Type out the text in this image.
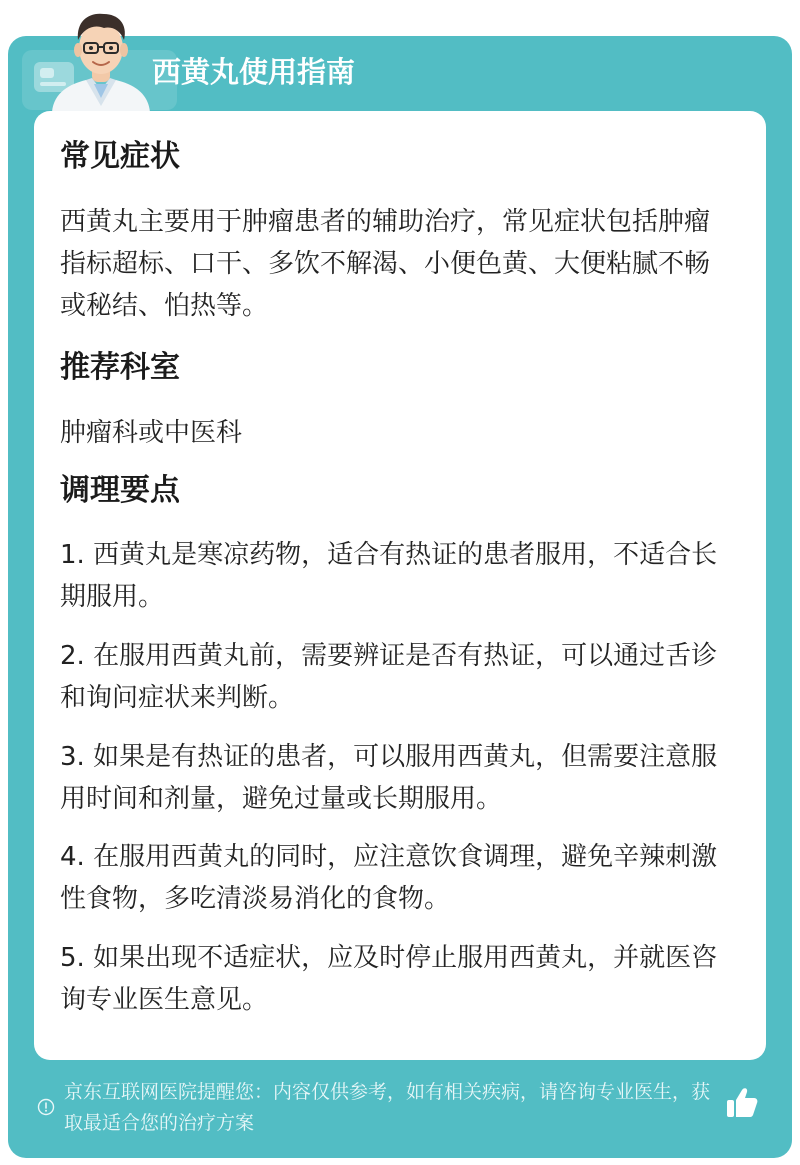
西黄丸使用指南
常见症状
西黄丸主要用于肿瘤患者的辅助治疗，常见症状包括肿瘤指标超标、口干、多饮不解渴、小便色黄、大便粘腻不畅或秘结、怕热等。
推荐科室
肿瘤科或中医科
调理要点
1. 西黄丸是寒凉药物，适合有热证的患者服用，不适合长期服用。
2. 在服用西黄丸前，需要辨证是否有热证，可以通过舌诊和询问症状来判断。
3. 如果是有热证的患者，可以服用西黄丸，但需要注意服用时间和剂量，避免过量或长期服用。
4. 在服用西黄丸的同时，应注意饮食调理，避免辛辣刺激性食物，多吃清淡易消化的食物。
5. 如果出现不适症状，应及时停止服用西黄丸，并就医咨询专业医生意见。
京东互联网医院提醒您：内容仅供参考，如有相关疾病，请咨询专业医生，获取最适合您的治疗方案
